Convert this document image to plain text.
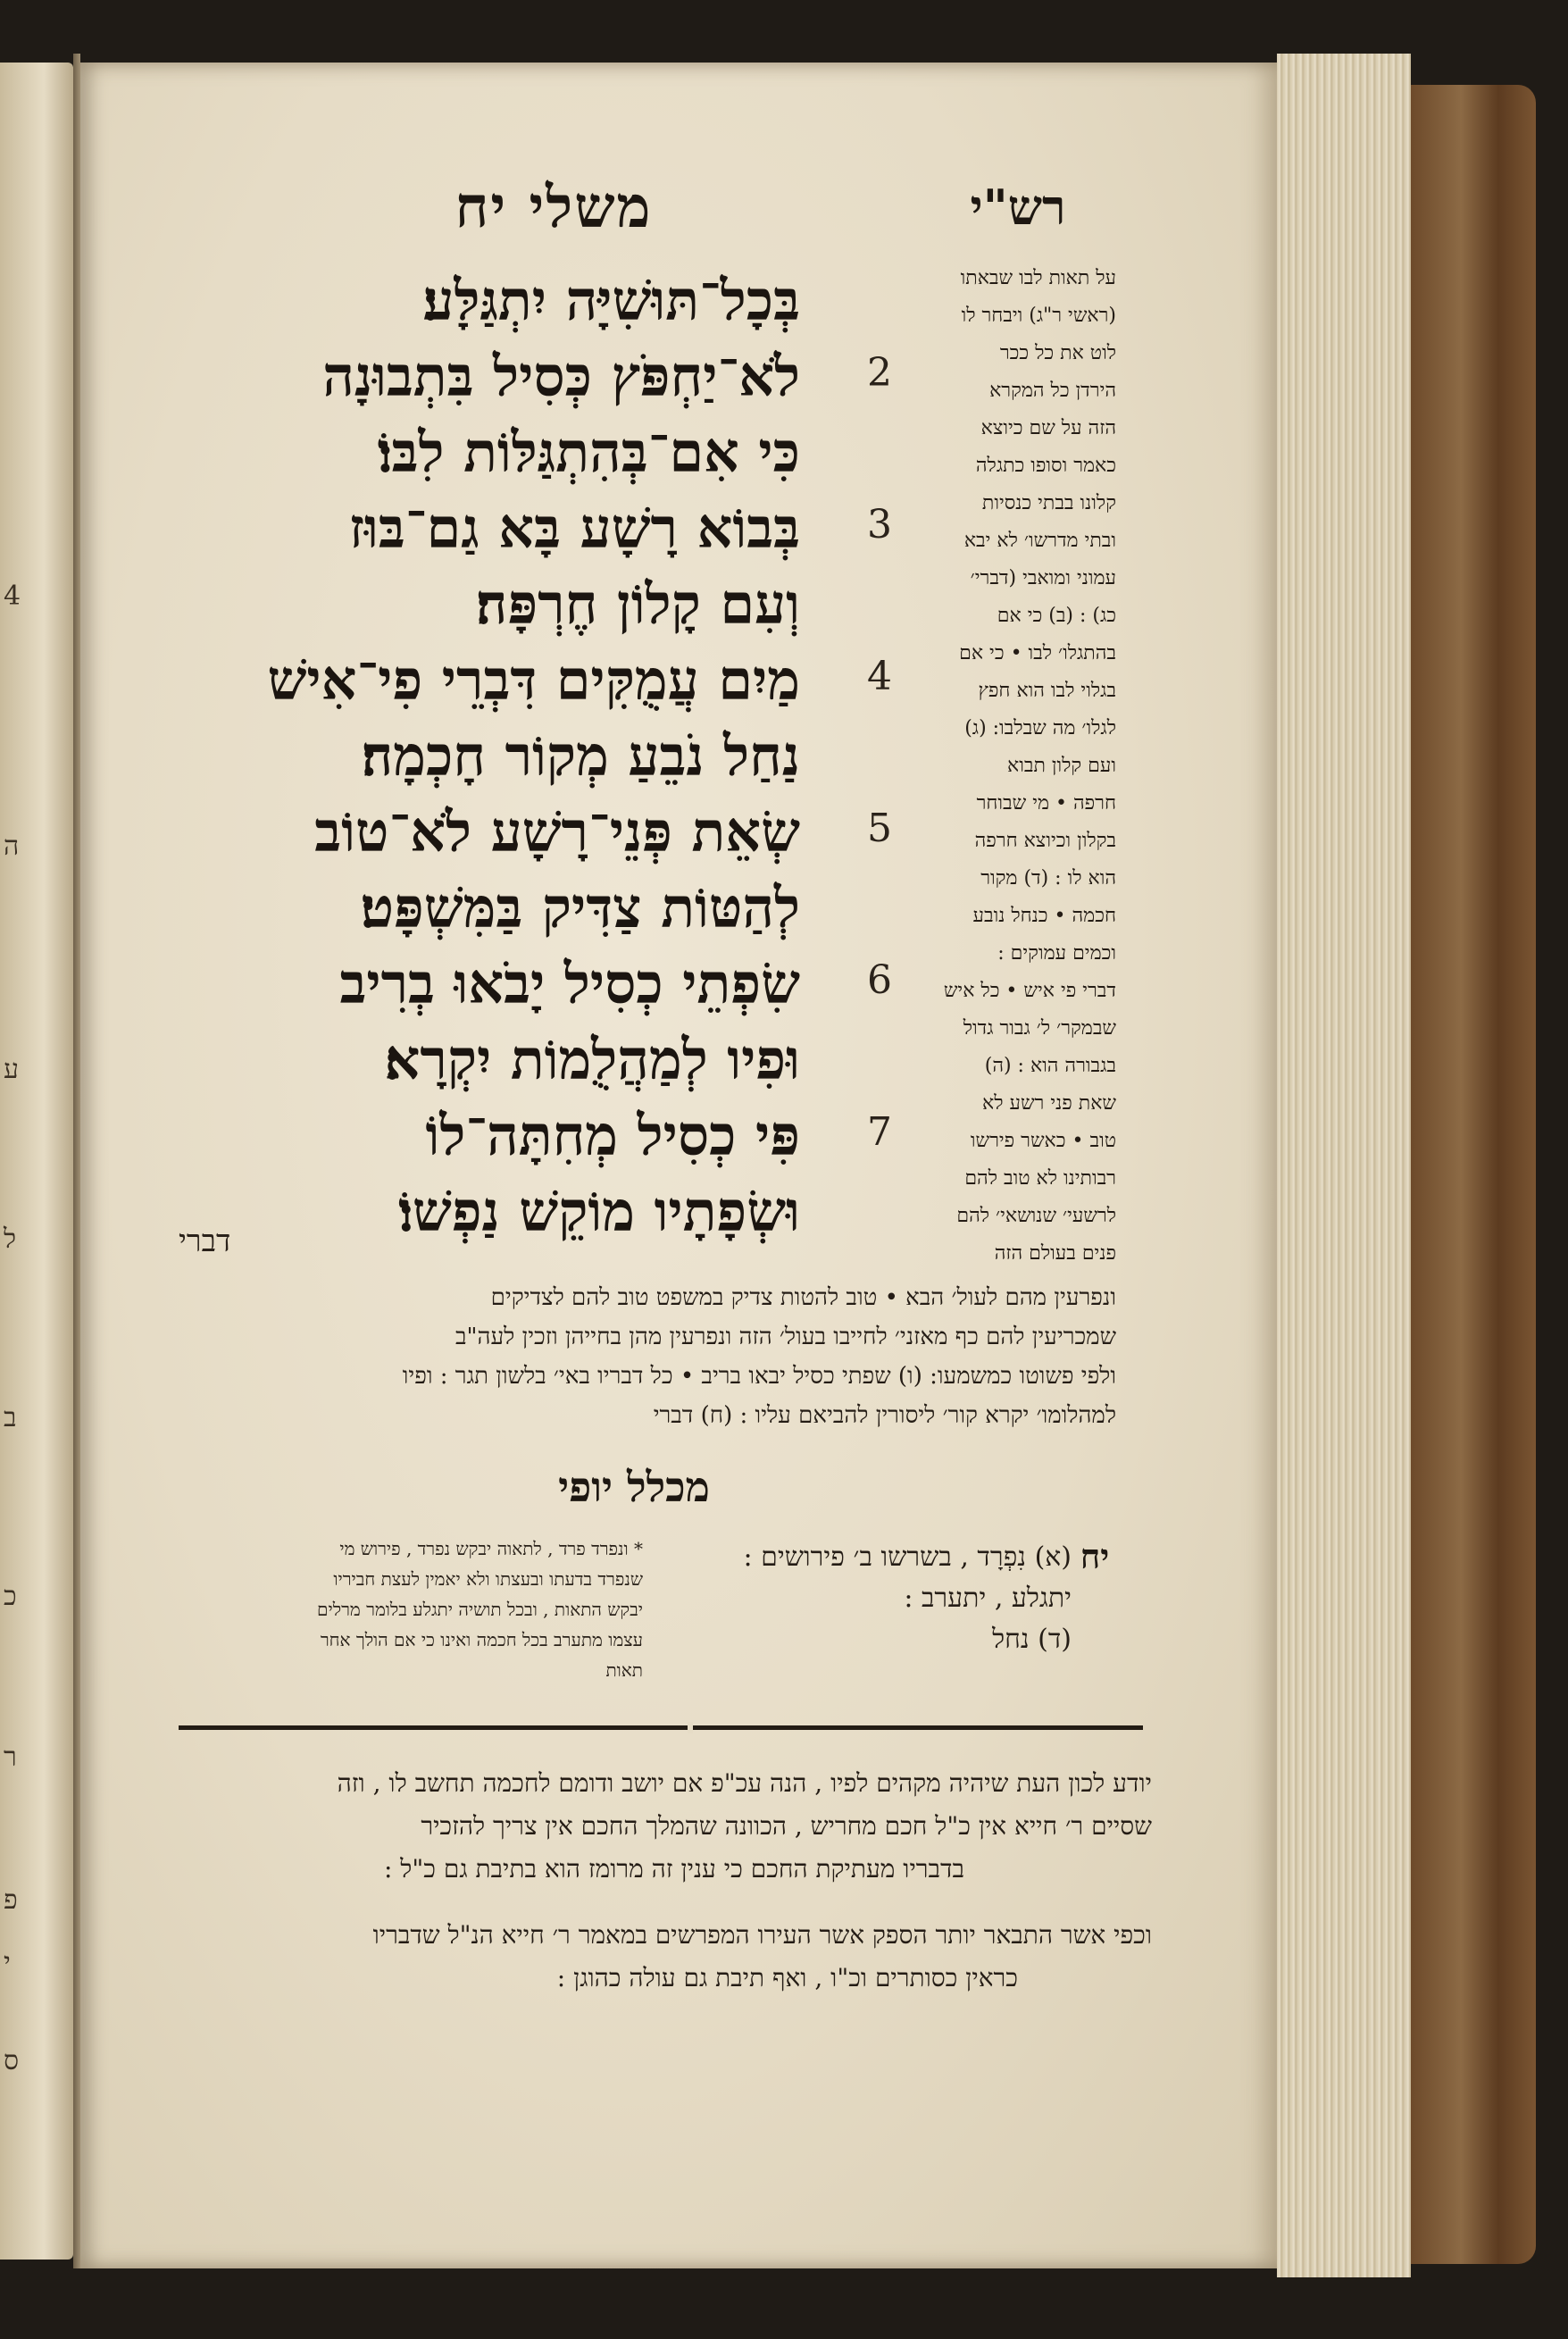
4
ה
ע
ל
ב
כ
ר
פ
י
ס
משלי יח	רש"י
בְּכָל־תּוּשִׁיָּה יִתְגַּלָּע׃
לֹא־יַחְפֹּץ כְּסִיל בִּתְבוּנָה
כִּי אִם־בְּהִתְגַּלּוֹת לִבּוֹ׃
בְּבוֹא רָשָׁע בָּא גַם־בּוּז
וְעִם קָלוֹן חֶרְפָּה׃
מַיִם עֲמֻקִּים דִּבְרֵי פִי־אִישׁ
נַחַל נֹבֵעַ מְקוֹר חָכְמָה׃
שְׂאֵת פְּנֵי־רָשָׁע לֹא־טוֹב
לְהַטּוֹת צַדִּיק בַּמִּשְׁפָּט׃
שִׂפְתֵי כְסִיל יָבֹאוּ בְרִיב
וּפִיו לְמַהֲלֻמוֹת יִקְרָא׃
פִּי כְסִיל מְחִתָּה־לוֹ
וּשְׂפָתָיו מוֹקֵשׁ נַפְשׁוֹ׃
2
3
4
5
6
7
על תאות לבו שבאתו
(ראשי ר"ג) ויבחר לו
לוט את כל ככר
הירדן כל המקרא
הזה על שם כיוצא
כאמר וסופו כתגלה
קלונו בבתי כנסיות
ובתי מדרשו׳ לא יבא
עמוני ומואבי (דברי׳
כג) : (ב) כי אם
בהתגלו׳ לבו • כי אם
בגלוי לבו הוא חפץ
לגלו׳ מה שבלבו: (ג)
ועם קלון תבוא
חרפה • מי שבוחר
בקלון וכיוצא חרפה
הוא לו : (ד) מקור
חכמה • כנחל נובע
וכמים עמוקים :
דברי פי איש • כל איש
שבמקר׳ ל׳ גבור גדול
בגבורה הוא : (ה)
שאת פני רשע לא
טוב • כאשר פירשו
רבותינו לא טוב להם
לרשעי׳ שנושאי׳ להם
פנים בעולם הזה
דברי
ונפרעין מהם לעול׳ הבא • טוב להטות צדיק במשפט טוב להם לצדיקים
שמכריעין להם כף מאזני׳ לחייבו בעול׳ הזה ונפרעין מהן בחייהן וזכין לעה"ב
ולפי פשוטו כמשמעו: (ו) שפתי כסיל יבאו בריב • כל דבריו באי׳ בלשון תגר : ופיו
למהלומו׳ יקרא קור׳ ליסורין להביאם עליו : (ח) דברי
מכלל יופי
יח
(א) נִפְרָד , בשרשו ב׳ פירושים :
יתגלע , יתערב :
(ד) נחל
* ונפרד פרד , לתאוה יבקש נפרד , פירוש מי
שנפרד בדעתו ובעצתו ולא יאמין לעצת חביריו
יבקש התאות , ובכל תושיה יתגלע בלומר מרלים
עצמו מתערב בכל חכמה ואינו כי אם הולך אחר
תאות
יודע לכון העת שיהיה מקהים לפיו , הנה עכ"פ אם יושב ודומם לחכמה תחשב לו , וזה
שסיים ר׳ חייא אין כ"ל חכם מחריש , הכוונה שהמלך החכם אין צריך להזכיר
בדבריו מעתיקת החכם כי ענין זה מרומז הוא בתיבת גם כ"ל :
וכפי אשר התבאר יותר הספק אשר העירו המפרשים במאמר ר׳ חייא הנ"ל שדבריו
כראין כסותרים וכ"ו , ואף תיבת גם עולה כהוגן :
